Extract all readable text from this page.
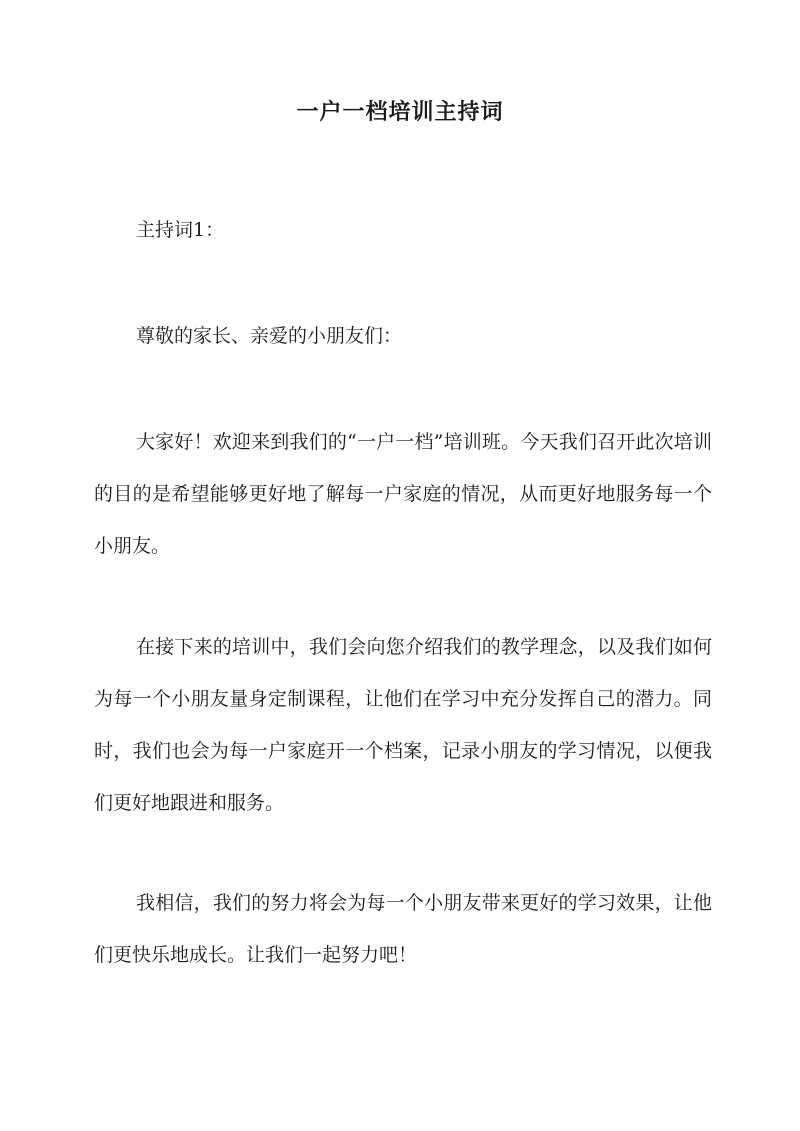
一户一档培训主持词

主持词1：

尊敬的家长、亲爱的小朋友们：

大家好！欢迎来到我们的“一户一档”培训班。今天我们召开此次培训的目的是希望能够更好地了解每一户家庭的情况，从而更好地服务每一个小朋友。

在接下来的培训中，我们会向您介绍我们的教学理念，以及我们如何为每一个小朋友量身定制课程，让他们在学习中充分发挥自己的潜力。同时，我们也会为每一户家庭开一个档案，记录小朋友的学习情况，以便我们更好地跟进和服务。

我相信，我们的努力将会为每一个小朋友带来更好的学习效果，让他们更快乐地成长。让我们一起努力吧！
